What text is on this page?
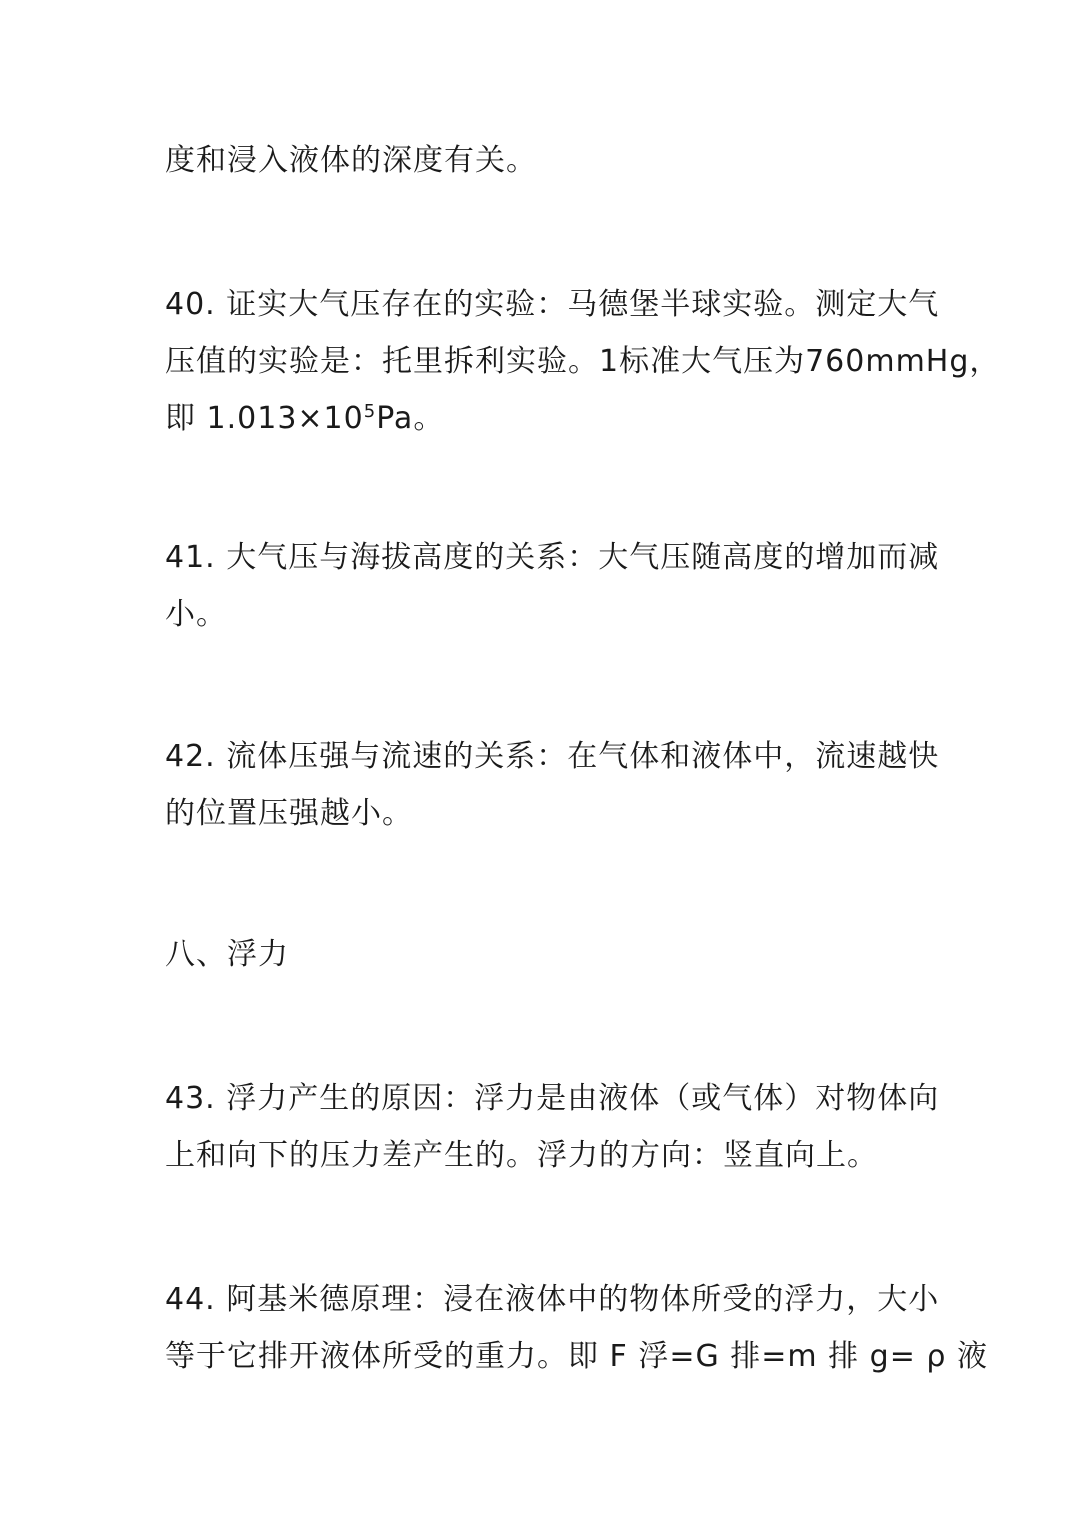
度和浸入液体的深度有关。
40. 证实大气压存在的实验：马德堡半球实验。测定大气
压值的实验是：托里拆利实验。1标准大气压为760mmHg，
即 $1.013\times 10^5Pa$。
41. 大气压与海拔高度的关系：大气压随高度的增加而减
小。
42. 流体压强与流速的关系：在气体和液体中，流速越快
的位置压强越小。
八、浮力
43. 浮力产生的原因：浮力是由液体（或气体）对物体向
上和向下的压力差产生的。浮力的方向：竖直向上。
44. 阿基米德原理：浸在液体中的物体所受的浮力，大小
等于它排开液体所受的重力。即 F 浮=G 排=m 排 g= ρ 液
